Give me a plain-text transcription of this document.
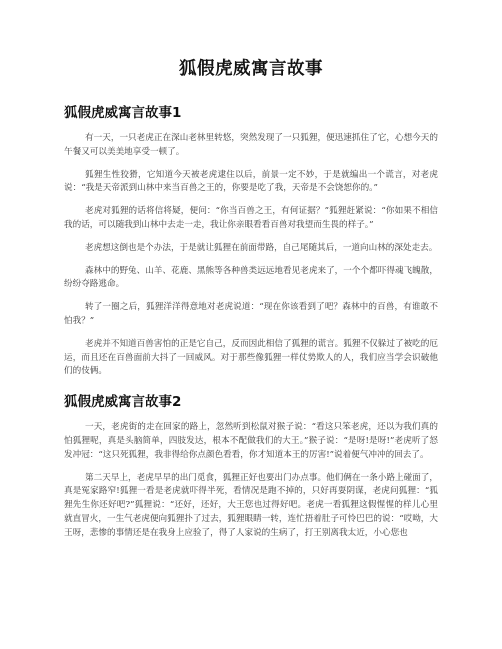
狐假虎威寓言故事
狐假虎威寓言故事1

有一天，一只老虎正在深山老林里转悠，突然发现了一只狐狸，便迅速抓住了它，心想今天的午餐又可以美美地享受一顿了。

狐狸生性狡猾，它知道今天被老虎逮住以后，前景一定不妙，于是就编出一个谎言，对老虎说：“我是天帝派到山林中来当百兽之王的，你要是吃了我，天帝是不会饶恕你的。”

老虎对狐狸的话将信将疑，便问：“你当百兽之王，有何证据？”狐狸赶紧说：“你如果不相信我的话，可以随我到山林中去走一走，我让你亲眼看看百兽对我望而生畏的样子。”

老虎想这倒也是个办法，于是就让狐狸在前面带路，自己尾随其后，一道向山林的深处走去。

森林中的野兔、山羊、花鹿、黑熊等各种兽类远远地看见老虎来了，一个个都吓得魂飞魄散，纷纷夺路逃命。

转了一圈之后，狐狸洋洋得意地对老虎说道：“现在你该看到了吧？森林中的百兽，有谁敢不怕我？”

老虎并不知道百兽害怕的正是它自己，反而因此相信了狐狸的谎言。狐狸不仅躲过了被吃的厄运，而且还在百兽面前大抖了一回威风。对于那些像狐狸一样仗势欺人的人，我们应当学会识破他们的伎俩。

狐假虎威寓言故事2

一天，老虎街的走在回家的路上，忽然听到松鼠对猴子说：“看这只笨老虎，还以为我们真的怕狐狸呢，真是头脑简单，四肢发达，根本不配做我们的大王。”猴子说：“是呀!是呀!”老虎听了怒发冲冠：“这只死狐狸，我非得给你点颜色看看，你才知道本王的厉害!”说着便气冲冲的回去了。

第二天早上，老虎早早的出门觅食，狐狸正好也要出门办点事。他们俩在一条小路上碰面了，真是冤家路窄!狐狸一看是老虎就吓得半死，看情况是跑不掉的，只好再耍阴谋，老虎问狐狸：“狐狸先生你还好吧?”狐狸说：“还好，还好，大王您也过得好吧。老虎一看狐狸这假惺惺的样儿心里就直冒火，一生气老虎便向狐狸扑了过去，狐狸眼睛一转，连忙捂着肚子可怜巴巴的说：“哎呦，大王呀，悲惨的事情还是在我身上应验了，得了人家说的生病了，打王别离我太近，小心您也
